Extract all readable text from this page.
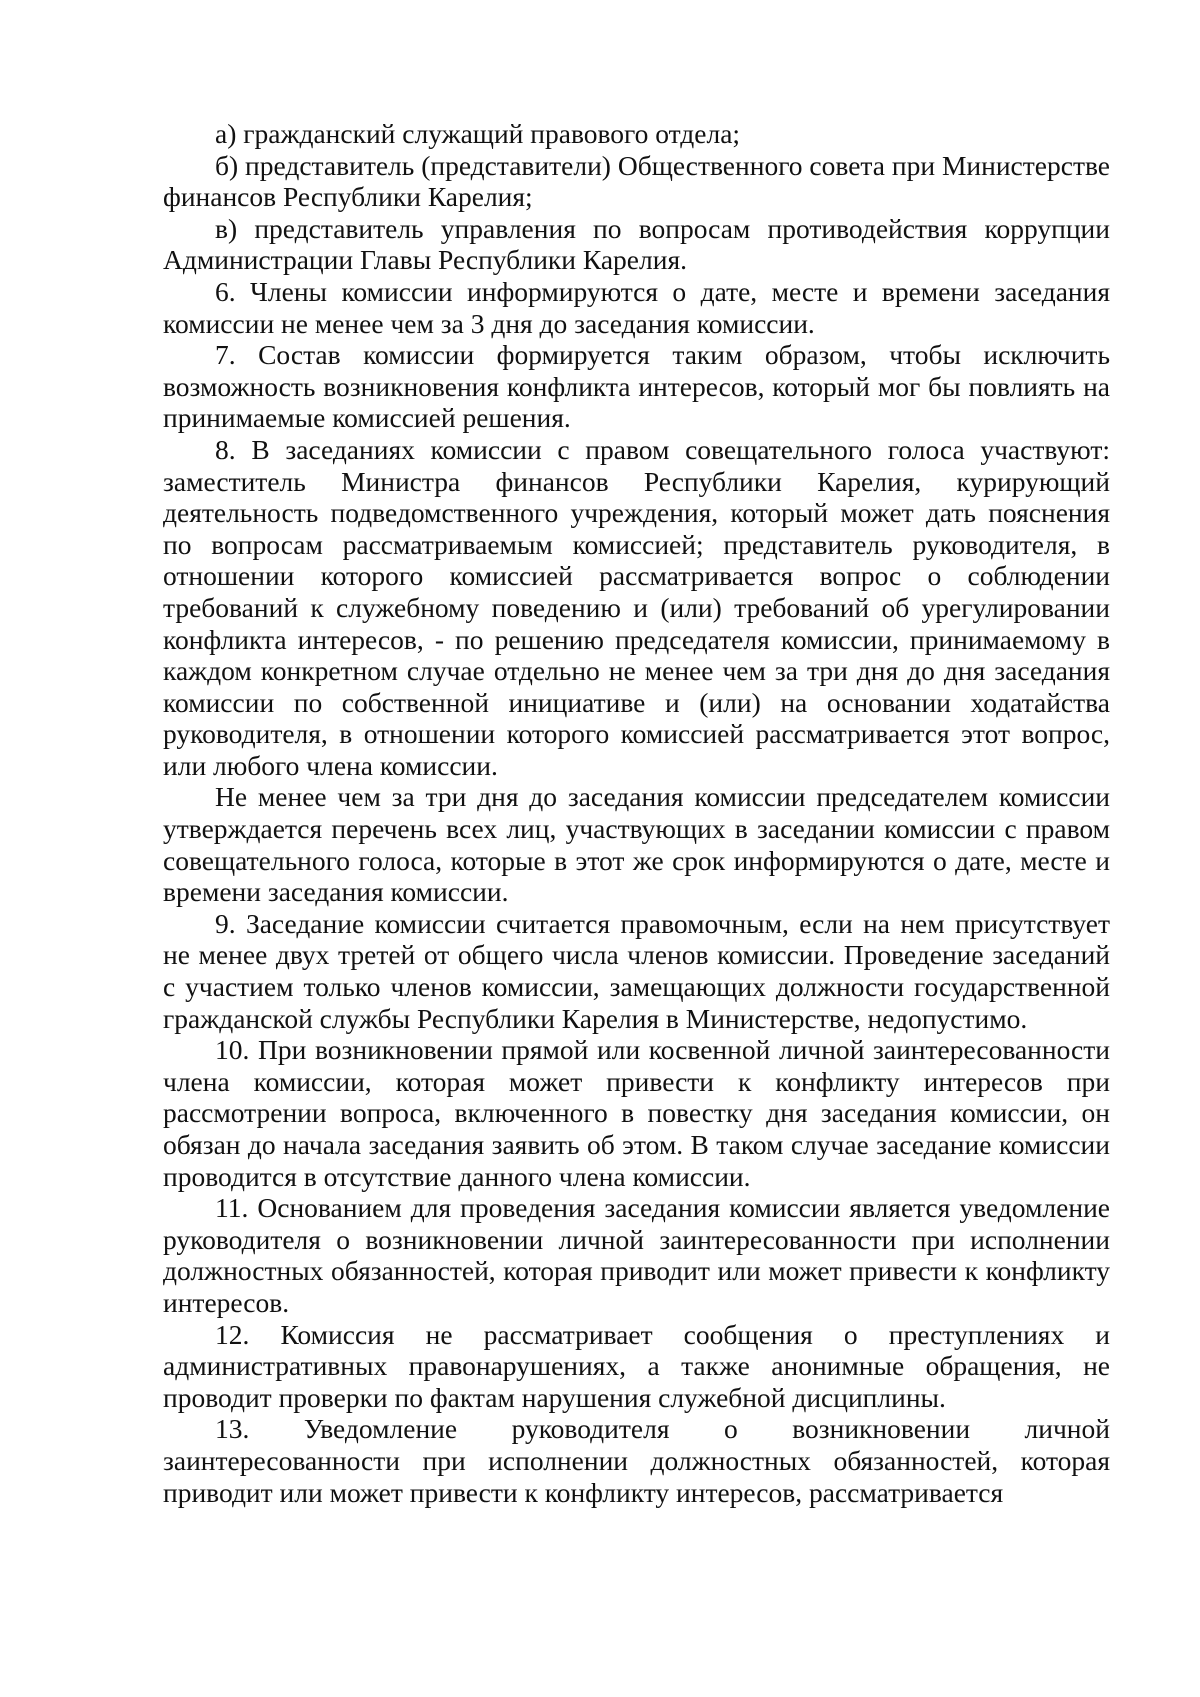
а) гражданский служащий правового отдела;

б) представитель (представители) Общественного совета при Министерстве финансов Республики Карелия;

в) представитель управления по вопросам противодействия коррупции Администрации Главы Республики Карелия.

6. Члены комиссии информируются о дате, месте и времени заседания комиссии не менее чем за 3 дня до заседания комиссии.

7. Состав комиссии формируется таким образом, чтобы исключить возможность возникновения конфликта интересов, который мог бы повлиять на принимаемые комиссией решения.

8. В заседаниях комиссии с правом совещательного голоса участвуют: заместитель Министра финансов Республики Карелия, курирующий деятельность подведомственного учреждения, который может дать пояснения по вопросам рассматриваемым комиссией; представитель руководителя, в отношении которого комиссией рассматривается вопрос о соблюдении требований к служебному поведению и (или) требований об урегулировании конфликта интересов, - по решению председателя комиссии, принимаемому в каждом конкретном случае отдельно не менее чем за три дня до дня заседания комиссии по собственной инициативе и (или) на основании ходатайства руководителя, в отношении которого комиссией рассматривается этот вопрос, или любого члена комиссии.

Не менее чем за три дня до заседания комиссии председателем комиссии утверждается перечень всех лиц, участвующих в заседании комиссии с правом совещательного голоса, которые в этот же срок информируются о дате, месте и времени заседания комиссии.

9. Заседание комиссии считается правомочным, если на нем присутствует не менее двух третей от общего числа членов комиссии. Проведение заседаний с участием только членов комиссии, замещающих должности государственной гражданской службы Республики Карелия в Министерстве, недопустимо.

10. При возникновении прямой или косвенной личной заинтересованности члена комиссии, которая может привести к конфликту интересов при рассмотрении вопроса, включенного в повестку дня заседания комиссии, он обязан до начала заседания заявить об этом. В таком случае заседание комиссии проводится в отсутствие данного члена комиссии.

11. Основанием для проведения заседания комиссии является уведомление руководителя о возникновении личной заинтересованности при исполнении должностных обязанностей, которая приводит или может привести к конфликту интересов.

12. Комиссия не рассматривает сообщения о преступлениях и административных правонарушениях, а также анонимные обращения, не проводит проверки по фактам нарушения служебной дисциплины.

13. Уведомление руководителя о возникновении личной заинтересованности при исполнении должностных обязанностей, которая приводит или может привести к конфликту интересов, рассматривается
